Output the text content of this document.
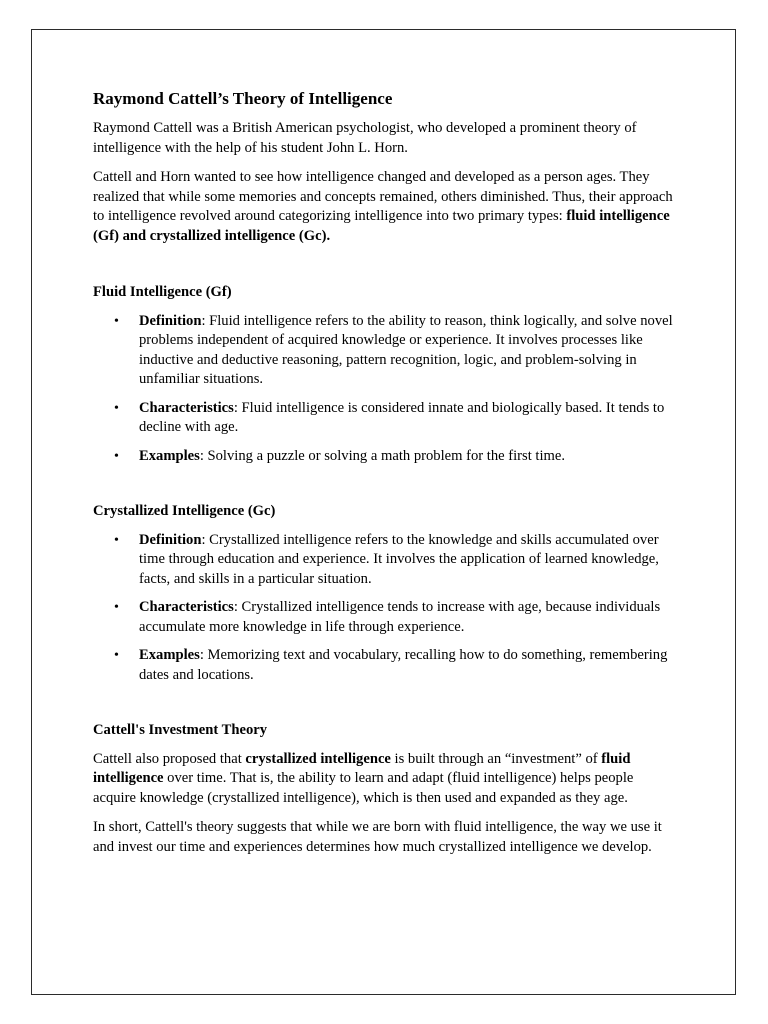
Raymond Cattell’s Theory of Intelligence

Raymond Cattell was a British American psychologist, who developed a prominent theory of intelligence with the help of his student John L. Horn.

Cattell and Horn wanted to see how intelligence changed and developed as a person ages. They realized that while some memories and concepts remained, others diminished. Thus, their approach to intelligence revolved around categorizing intelligence into two primary types: fluid intelligence (Gf) and crystallized intelligence (Gc).

Fluid Intelligence (Gf)
• Definition: Fluid intelligence refers to the ability to reason, think logically, and solve novel problems independent of acquired knowledge or experience. It involves processes like inductive and deductive reasoning, pattern recognition, logic, and problem-solving in unfamiliar situations.
• Characteristics: Fluid intelligence is considered innate and biologically based. It tends to decline with age.
• Examples: Solving a puzzle or solving a math problem for the first time.
Crystallized Intelligence (Gc)
• Definition: Crystallized intelligence refers to the knowledge and skills accumulated over time through education and experience. It involves the application of learned knowledge, facts, and skills in a particular situation.
• Characteristics: Crystallized intelligence tends to increase with age, because individuals accumulate more knowledge in life through experience.
• Examples: Memorizing text and vocabulary, recalling how to do something, remembering dates and locations.
Cattell's Investment Theory

Cattell also proposed that crystallized intelligence is built through an “investment” of fluid intelligence over time. That is, the ability to learn and adapt (fluid intelligence) helps people acquire knowledge (crystallized intelligence), which is then used and expanded as they age.

In short, Cattell's theory suggests that while we are born with fluid intelligence, the way we use it and invest our time and experiences determines how much crystallized intelligence we develop.
